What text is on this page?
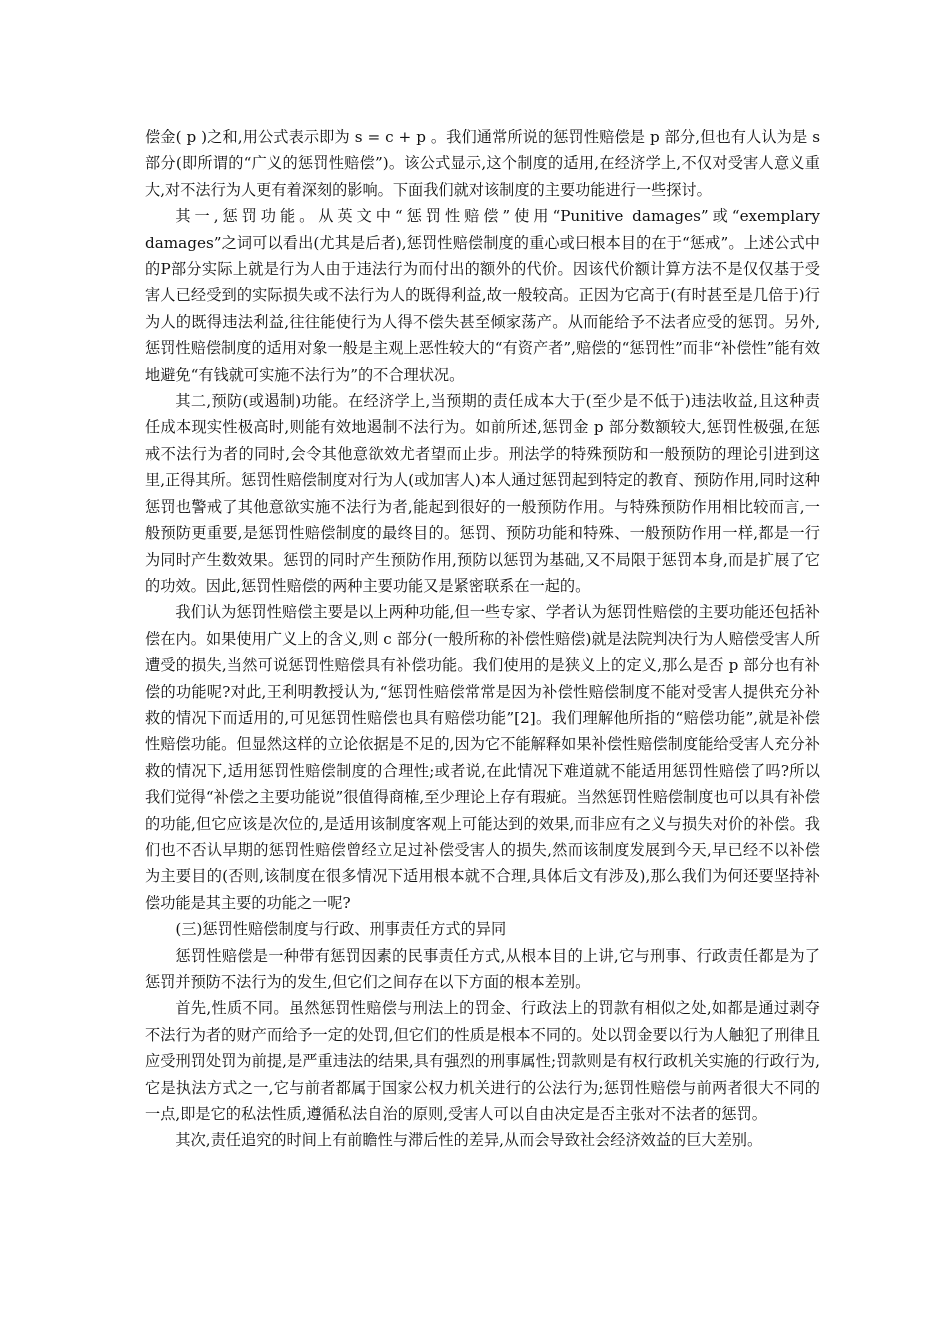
偿金( p )之和,用公式表示即为 s = c + p 。我们通常所说的惩罚性赔偿是 p 部分,但也有人认为是 s 部分(即所谓的“广义的惩罚性赔偿”)。该公式显示,这个制度的适用,在经济学上,不仅对受害人意义重大,对不法行为人更有着深刻的影响。下面我们就对该制度的主要功能进行一些探讨。

其一,惩罚功能。从英文中“惩罚性赔偿”使用“Punitive damages”或“exemplary damages”之词可以看出(尤其是后者),惩罚性赔偿制度的重心或曰根本目的在于“惩戒”。上述公式中的P部分实际上就是行为人由于违法行为而付出的额外的代价。因该代价额计算方法不是仅仅基于受害人已经受到的实际损失或不法行为人的既得利益,故一般较高。正因为它高于(有时甚至是几倍于)行为人的既得违法利益,往往能使行为人得不偿失甚至倾家荡产。从而能给予不法者应受的惩罚。另外,惩罚性赔偿制度的适用对象一般是主观上恶性较大的“有资产者”,赔偿的“惩罚性”而非“补偿性”能有效地避免“有钱就可实施不法行为”的不合理状况。

其二,预防(或遏制)功能。在经济学上,当预期的责任成本大于(至少是不低于)违法收益,且这种责任成本现实性极高时,则能有效地遏制不法行为。如前所述,惩罚金 p 部分数额较大,惩罚性极强,在惩戒不法行为者的同时,会令其他意欲效尤者望而止步。刑法学的特殊预防和一般预防的理论引进到这里,正得其所。惩罚性赔偿制度对行为人(或加害人)本人通过惩罚起到特定的教育、预防作用,同时这种惩罚也警戒了其他意欲实施不法行为者,能起到很好的一般预防作用。与特殊预防作用相比较而言,一般预防更重要,是惩罚性赔偿制度的最终目的。惩罚、预防功能和特殊、一般预防作用一样,都是一行为同时产生数效果。惩罚的同时产生预防作用,预防以惩罚为基础,又不局限于惩罚本身,而是扩展了它的功效。因此,惩罚性赔偿的两种主要功能又是紧密联系在一起的。

我们认为惩罚性赔偿主要是以上两种功能,但一些专家、学者认为惩罚性赔偿的主要功能还包括补偿在内。如果使用广义上的含义,则 c 部分(一般所称的补偿性赔偿)就是法院判决行为人赔偿受害人所遭受的损失,当然可说惩罚性赔偿具有补偿功能。我们使用的是狭义上的定义,那么是否 p 部分也有补偿的功能呢?对此,王利明教授认为,“惩罚性赔偿常常是因为补偿性赔偿制度不能对受害人提供充分补救的情况下而适用的,可见惩罚性赔偿也具有赔偿功能”[2]。我们理解他所指的“赔偿功能”,就是补偿性赔偿功能。但显然这样的立论依据是不足的,因为它不能解释如果补偿性赔偿制度能给受害人充分补救的情况下,适用惩罚性赔偿制度的合理性;或者说,在此情况下难道就不能适用惩罚性赔偿了吗?所以我们觉得“补偿之主要功能说”很值得商榷,至少理论上存有瑕疵。当然惩罚性赔偿制度也可以具有补偿的功能,但它应该是次位的,是适用该制度客观上可能达到的效果,而非应有之义与损失对价的补偿。我们也不否认早期的惩罚性赔偿曾经立足过补偿受害人的损失,然而该制度发展到今天,早已经不以补偿为主要目的(否则,该制度在很多情况下适用根本就不合理,具体后文有涉及),那么我们为何还要坚持补偿功能是其主要的功能之一呢?

(三)惩罚性赔偿制度与行政、刑事责任方式的异同

惩罚性赔偿是一种带有惩罚因素的民事责任方式,从根本目的上讲,它与刑事、行政责任都是为了惩罚并预防不法行为的发生,但它们之间存在以下方面的根本差别。

首先,性质不同。虽然惩罚性赔偿与刑法上的罚金、行政法上的罚款有相似之处,如都是通过剥夺不法行为者的财产而给予一定的处罚,但它们的性质是根本不同的。处以罚金要以行为人触犯了刑律且应受刑罚处罚为前提,是严重违法的结果,具有强烈的刑事属性;罚款则是有权行政机关实施的行政行为,它是执法方式之一,它与前者都属于国家公权力机关进行的公法行为;惩罚性赔偿与前两者很大不同的一点,即是它的私法性质,遵循私法自治的原则,受害人可以自由决定是否主张对不法者的惩罚。

其次,责任追究的时间上有前瞻性与滞后性的差异,从而会导致社会经济效益的巨大差别。
